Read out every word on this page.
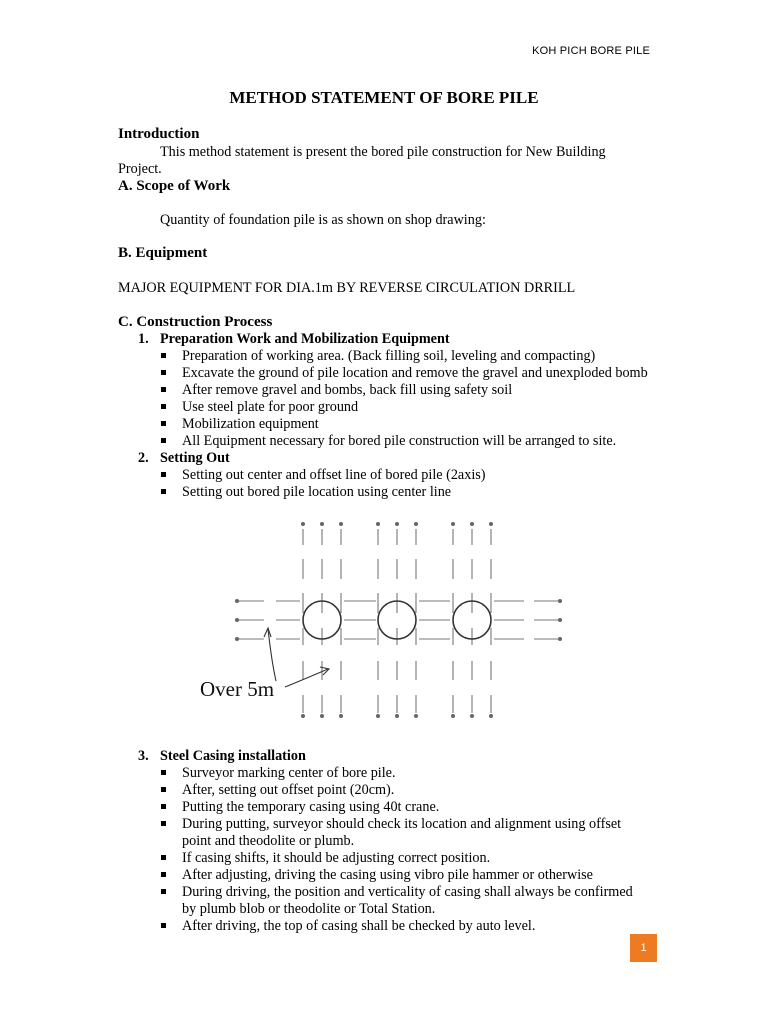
KOH PICH BORE PILE
METHOD STATEMENT OF BORE PILE
Introduction
This method statement is present the bored pile construction for New Building
Project.
A. Scope of Work
Quantity of foundation pile is as shown on shop drawing:
B. Equipment
MAJOR EQUIPMENT FOR DIA.1m BY REVERSE CIRCULATION DRRILL
C. Construction Process
1. Preparation Work and Mobilization Equipment
Preparation of working area. (Back filling soil, leveling and compacting)
Excavate the ground of pile location and remove the gravel and unexploded bomb
After remove gravel and bombs, back fill using safety soil
Use steel plate for poor ground
Mobilization equipment
All Equipment necessary for bored pile construction will be arranged to site.
2. Setting Out
Setting out center and offset line of bored pile (2axis)
Setting out bored pile location using center line
Over 5m
3. Steel Casing installation
Surveyor marking center of bore pile.
After, setting out offset point (20cm).
Putting the temporary casing using 40t crane.
During putting, surveyor should check its location and alignment using offset point and theodolite or plumb.
If casing shifts, it should be adjusting correct position.
After adjusting, driving the casing using vibro pile hammer or otherwise
During driving, the position and verticality of casing shall always be confirmed by plumb blob or theodolite or Total Station.
After driving, the top of casing shall be checked by auto level.
1
